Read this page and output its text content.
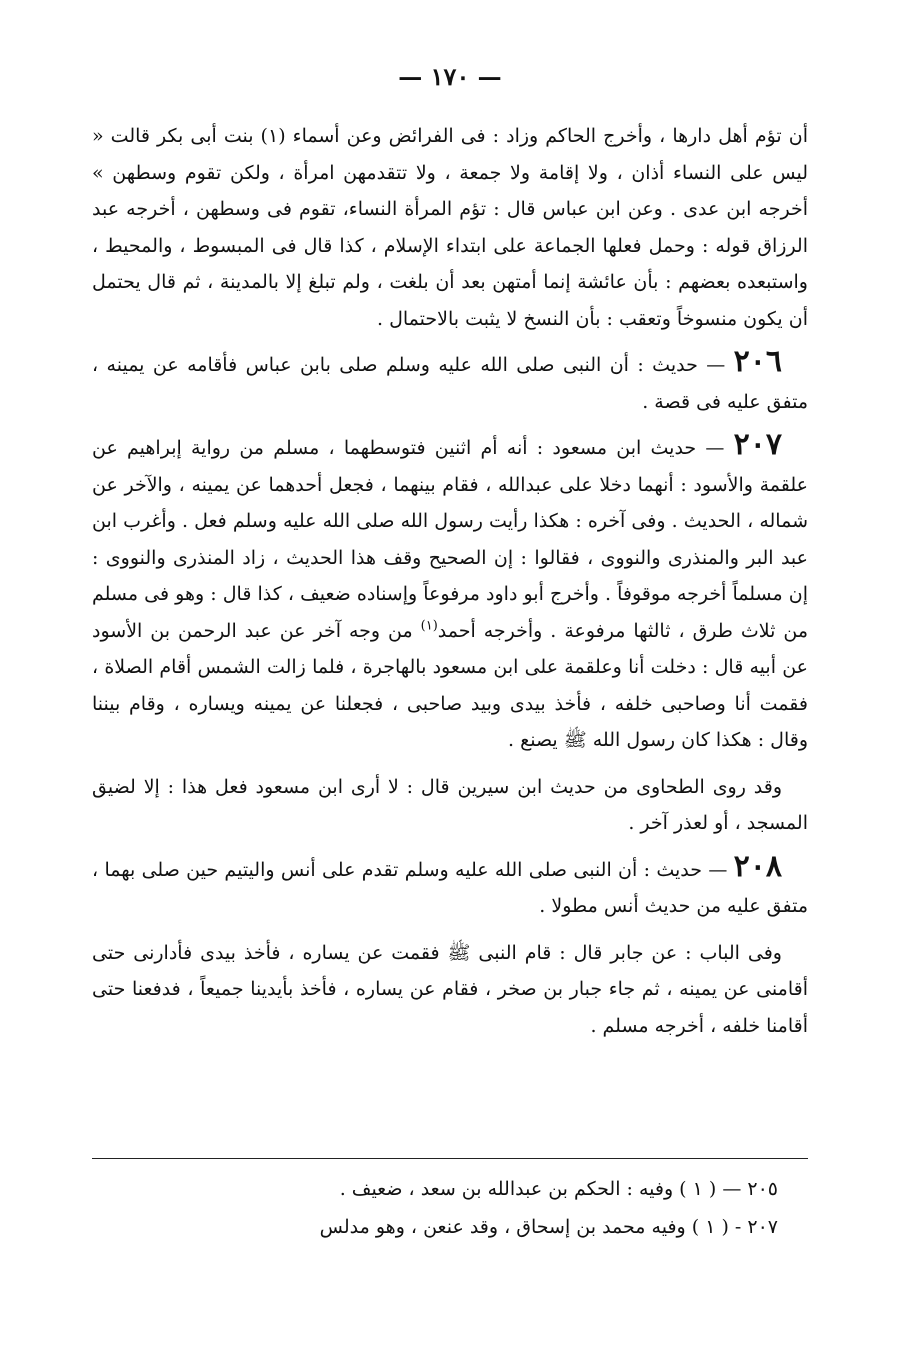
— ١٧٠ —

أن تؤم أهل دارها ، وأخرج الحاكم وزاد : فى الفرائض وعن أسماء (١) بنت أبى بكر قالت « ليس على النساء أذان ، ولا إقامة ولا جمعة ، ولا تتقدمهن امرأة ، ولكن تقوم وسطهن » أخرجه ابن عدى . وعن ابن عباس قال : تؤم المرأة النساء، تقوم فى وسطهن ، أخرجه عبد الرزاق قوله : وحمل فعلها الجماعة على ابتداء الإسلام ، كذا قال فى المبسوط ، والمحيط ، واستبعده بعضهم : بأن عائشة إنما أمتهن بعد أن بلغت ، ولم تبلغ إلا بالمدينة ، ثم قال يحتمل أن يكون منسوخاً وتعقب : بأن النسخ لا يثبت بالاحتمال .

٢٠٦ — حديث : أن النبى صلى الله عليه وسلم صلى بابن عباس فأقامه عن يمينه ، متفق عليه فى قصة .

٢٠٧ — حديث ابن مسعود : أنه أم اثنين فتوسطهما ، مسلم من رواية إبراهيم عن علقمة والأسود : أنهما دخلا على عبدالله ، فقام بينهما ، فجعل أحدهما عن يمينه ، والآخر عن شماله ، الحديث . وفى آخره : هكذا رأيت رسول الله صلى الله عليه وسلم فعل . وأغرب ابن عبد البر والمنذرى والنووى ، فقالوا : إن الصحيح وقف هذا الحديث ، زاد المنذرى والنووى : إن مسلماً أخرجه موقوفاً . وأخرج أبو داود مرفوعاً وإسناده ضعيف ، كذا قال : وهو فى مسلم من ثلاث طرق ، ثالثها مرفوعة . وأخرجه أحمد$^{(١)}$ من وجه آخر عن عبد الرحمن بن الأسود عن أبيه قال : دخلت أنا وعلقمة على ابن مسعود بالهاجرة ، فلما زالت الشمس أقام الصلاة ، فقمت أنا وصاحبى خلفه ، فأخذ بيدى وبيد صاحبى ، فجعلنا عن يمينه ويساره ، وقام بيننا وقال : هكذا كان رسول الله ﷺ يصنع .

وقد روى الطحاوى من حديث ابن سيرين قال : لا أرى ابن مسعود فعل هذا : إلا لضيق المسجد ، أو لعذر آخر .

٢٠٨ — حديث : أن النبى صلى الله عليه وسلم تقدم على أنس واليتيم حين صلى بهما ، متفق عليه من حديث أنس مطولا .

وفى الباب : عن جابر قال : قام النبى ﷺ فقمت عن يساره ، فأخذ بيدى فأدارنى حتى أقامنى عن يمينه ، ثم جاء جبار بن صخر ، فقام عن يساره ، فأخذ بأيدينا جميعاً ، فدفعنا حتى أقامنا خلفه ، أخرجه مسلم .

٢٠٥ — ( ١ ) وفيه : الحكم بن عبدالله بن سعد ، ضعيف .
٢٠٧ - ( ١ ) وفيه محمد بن إسحاق ، وقد عنعن ، وهو مدلس
